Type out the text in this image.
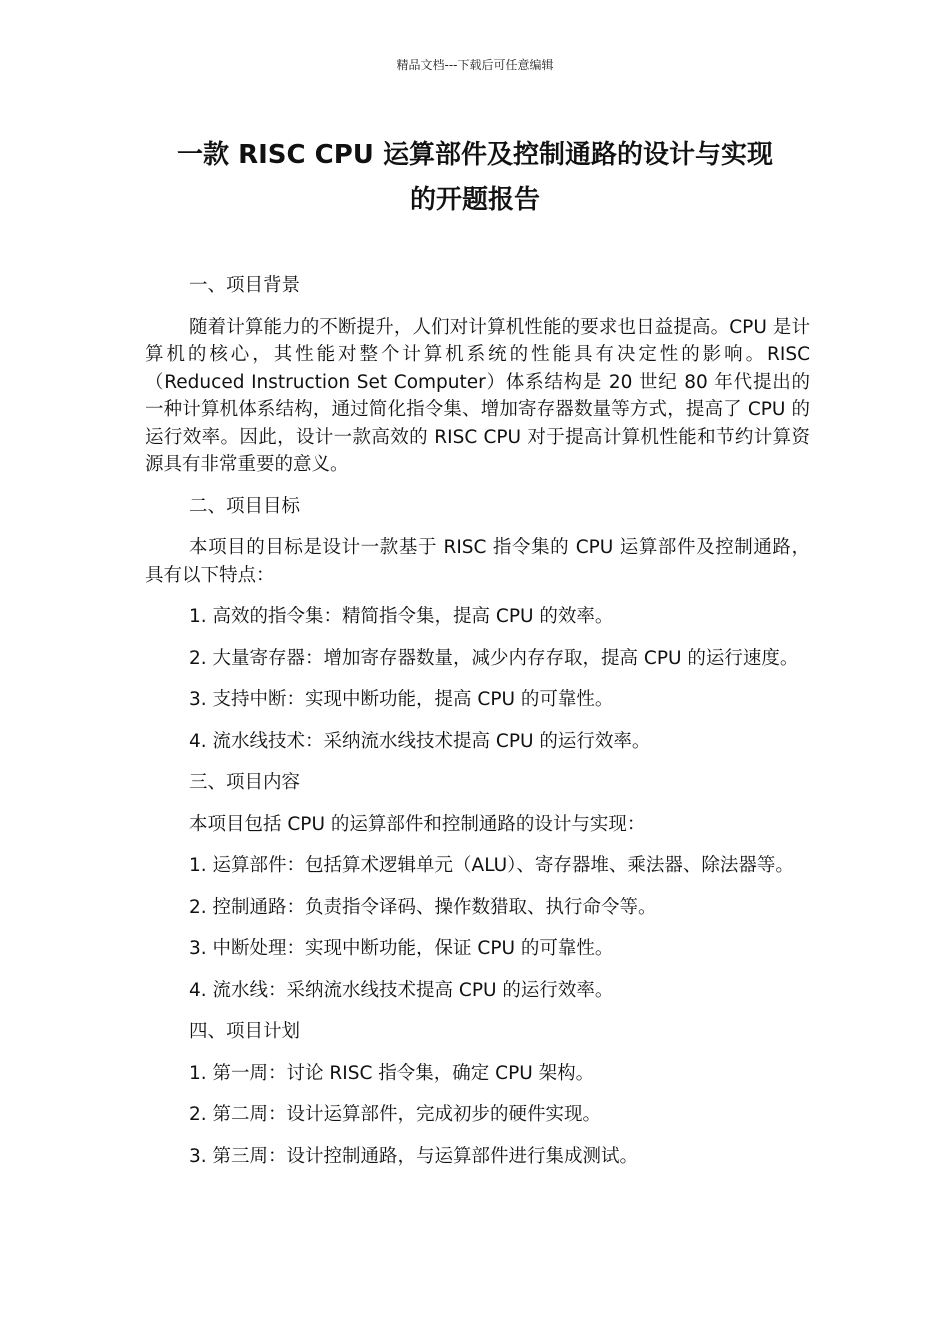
精品文档---下载后可任意编辑
一款 RISC CPU 运算部件及控制通路的设计与实现
的开题报告

一、项目背景

随着计算能力的不断提升，人们对计算机性能的要求也日益提高。CPU 是计算机的核心，其性能对整个计算机系统的性能具有决定性的影响。RISC（Reduced Instruction Set Computer）体系结构是 20 世纪 80 年代提出的一种计算机体系结构，通过简化指令集、增加寄存器数量等方式，提高了 CPU 的运行效率。因此，设计一款高效的 RISC CPU 对于提高计算机性能和节约计算资源具有非常重要的意义。

二、项目目标

本项目的目标是设计一款基于 RISC 指令集的 CPU 运算部件及控制通路，具有以下特点：

1. 高效的指令集：精简指令集，提高 CPU 的效率。

2. 大量寄存器：增加寄存器数量，减少内存存取，提高 CPU 的运行速度。

3. 支持中断：实现中断功能，提高 CPU 的可靠性。

4. 流水线技术：采纳流水线技术提高 CPU 的运行效率。

三、项目内容

本项目包括 CPU 的运算部件和控制通路的设计与实现：

1. 运算部件：包括算术逻辑单元（ALU）、寄存器堆、乘法器、除法器等。

2. 控制通路：负责指令译码、操作数猎取、执行命令等。

3. 中断处理：实现中断功能，保证 CPU 的可靠性。

4. 流水线：采纳流水线技术提高 CPU 的运行效率。

四、项目计划

1. 第一周：讨论 RISC 指令集，确定 CPU 架构。

2. 第二周：设计运算部件，完成初步的硬件实现。

3. 第三周：设计控制通路，与运算部件进行集成测试。
